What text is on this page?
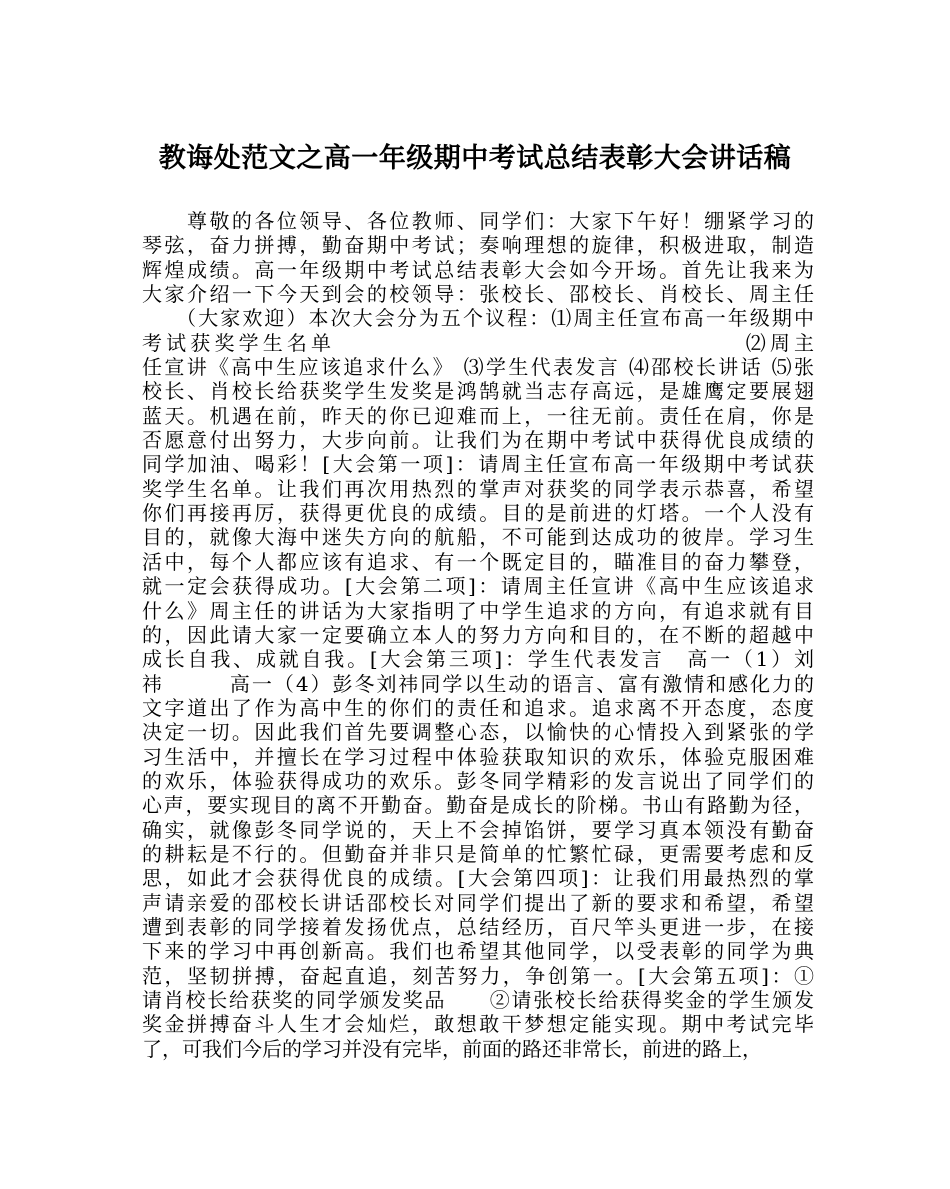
教诲处范文之高一年级期中考试总结表彰大会讲话稿
　　尊敬的各位领导、各位教师、同学们：大家下午好！绷紧学习的
琴弦，奋力拼搏，勤奋期中考试；奏响理想的旋律，积极进取，制造
辉煌成绩。高一年级期中考试总结表彰大会如今开场。首先让我来为
大家介绍一下今天到会的校领导：张校长、邵校长、肖校长、周主任
　　（大家欢迎）本次大会分为五个议程：⑴周主任宣布高一年级期中
考试获奖学生名单　　　　　　　　　　　　　　　　　⑵周主
任宣讲《高中生应该追求什么》 ⑶学生代表发言 ⑷邵校长讲话 ⑸张
校长、肖校长给获奖学生发奖是鸿鹄就当志存高远，是雄鹰定要展翅
蓝天。机遇在前，昨天的你已迎难而上，一往无前。责任在肩，你是
否愿意付出努力，大步向前。让我们为在期中考试中获得优良成绩的
同学加油、喝彩！[大会第一项]：请周主任宣布高一年级期中考试获
奖学生名单。让我们再次用热烈的掌声对获奖的同学表示恭喜，希望
你们再接再厉，获得更优良的成绩。目的是前进的灯塔。一个人没有
目的，就像大海中迷失方向的航船，不可能到达成功的彼岸。学习生
活中，每个人都应该有追求、有一个既定目的，瞄准目的奋力攀登，
就一定会获得成功。[大会第二项]：请周主任宣讲《高中生应该追求
什么》周主任的讲话为大家指明了中学生追求的方向，有追求就有目
的，因此请大家一定要确立本人的努力方向和目的，在不断的超越中
成长自我、成就自我。[大会第三项]：学生代表发言　高一（1）刘
祎　　　高一（4）彭冬刘祎同学以生动的语言、富有激情和感化力的
文字道出了作为高中生的你们的责任和追求。追求离不开态度，态度
决定一切。因此我们首先要调整心态，以愉快的心情投入到紧张的学
习生活中，并擅长在学习过程中体验获取知识的欢乐，体验克服困难
的欢乐，体验获得成功的欢乐。彭冬同学精彩的发言说出了同学们的
心声，要实现目的离不开勤奋。勤奋是成长的阶梯。书山有路勤为径，
确实，就像彭冬同学说的，天上不会掉馅饼，要学习真本领没有勤奋
的耕耘是不行的。但勤奋并非只是简单的忙繁忙碌，更需要考虑和反
思，如此才会获得优良的成绩。[大会第四项]：让我们用最热烈的掌
声请亲爱的邵校长讲话邵校长对同学们提出了新的要求和希望，希望
遭到表彰的同学接着发扬优点，总结经历，百尺竿头更进一步，在接
下来的学习中再创新高。我们也希望其他同学，以受表彰的同学为典
范，坚韧拼搏，奋起直追，刻苦努力，争创第一。[大会第五项]：①
请肖校长给获奖的同学颁发奖品　　②请张校长给获得奖金的学生颁发
奖金拼搏奋斗人生才会灿烂，敢想敢干梦想定能实现。期中考试完毕
了，可我们今后的学习并没有完毕，前面的路还非常长，前进的路上，
